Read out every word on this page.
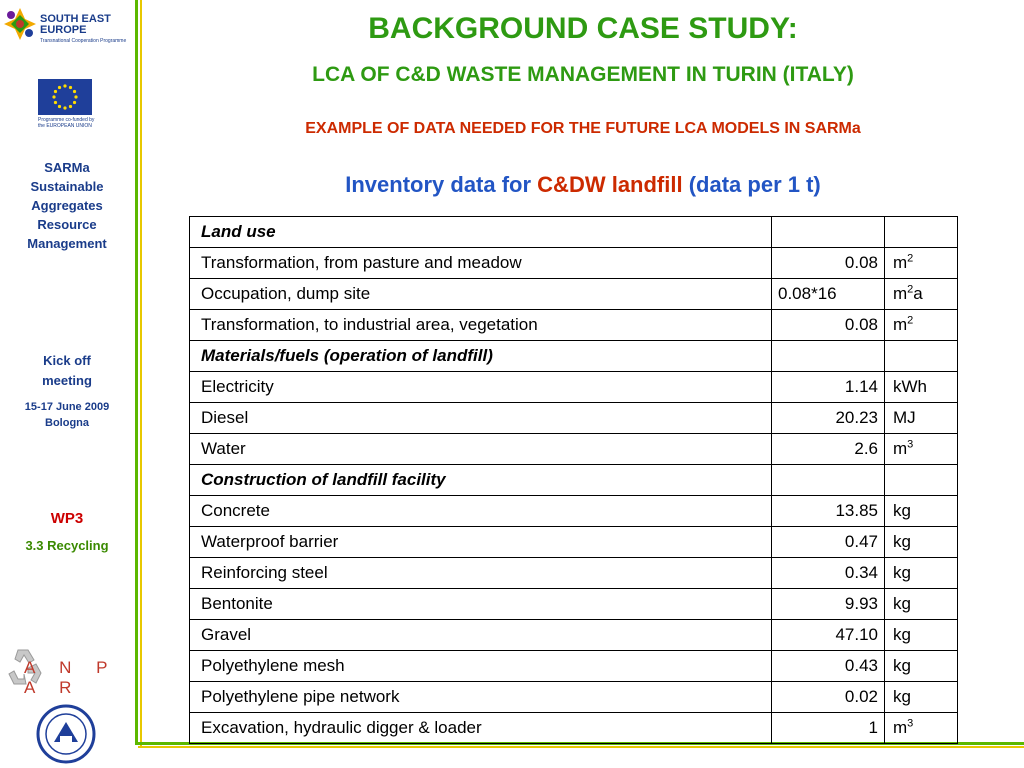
SOUTH EAST
EUROPE
Transnational Cooperation Programme
Programme co-funded by the EUROPEAN UNION
SARMa
Sustainable
Aggregates
Resource
Management
Kick off
meeting
15-17 June 2009
Bologna
WP3
3.3 Recycling
A N P A R
BACKGROUND CASE STUDY:
LCA OF C&D WASTE MANAGEMENT IN TURIN (ITALY)
EXAMPLE OF DATA NEEDED FOR THE FUTURE LCA MODELS IN SARMa
Inventory data for C&DW landfill (data per 1 t)
Land use		
Transformation, from pasture and meadow	0.08	$m^2$
Occupation, dump site	0.08*16	$m^2a$
Transformation, to industrial area, vegetation	0.08	$m^2$
Materials/fuels (operation of landfill)		
Electricity	1.14	kWh
Diesel	20.23	MJ
Water	2.6	$m^3$
Construction of landfill facility		
Concrete	13.85	kg
Waterproof barrier	0.47	kg
Reinforcing steel	0.34	kg
Bentonite	9.93	kg
Gravel	47.10	kg
Polyethylene mesh	0.43	kg
Polyethylene pipe network	0.02	kg
Excavation, hydraulic digger & loader	1	$m^3$
